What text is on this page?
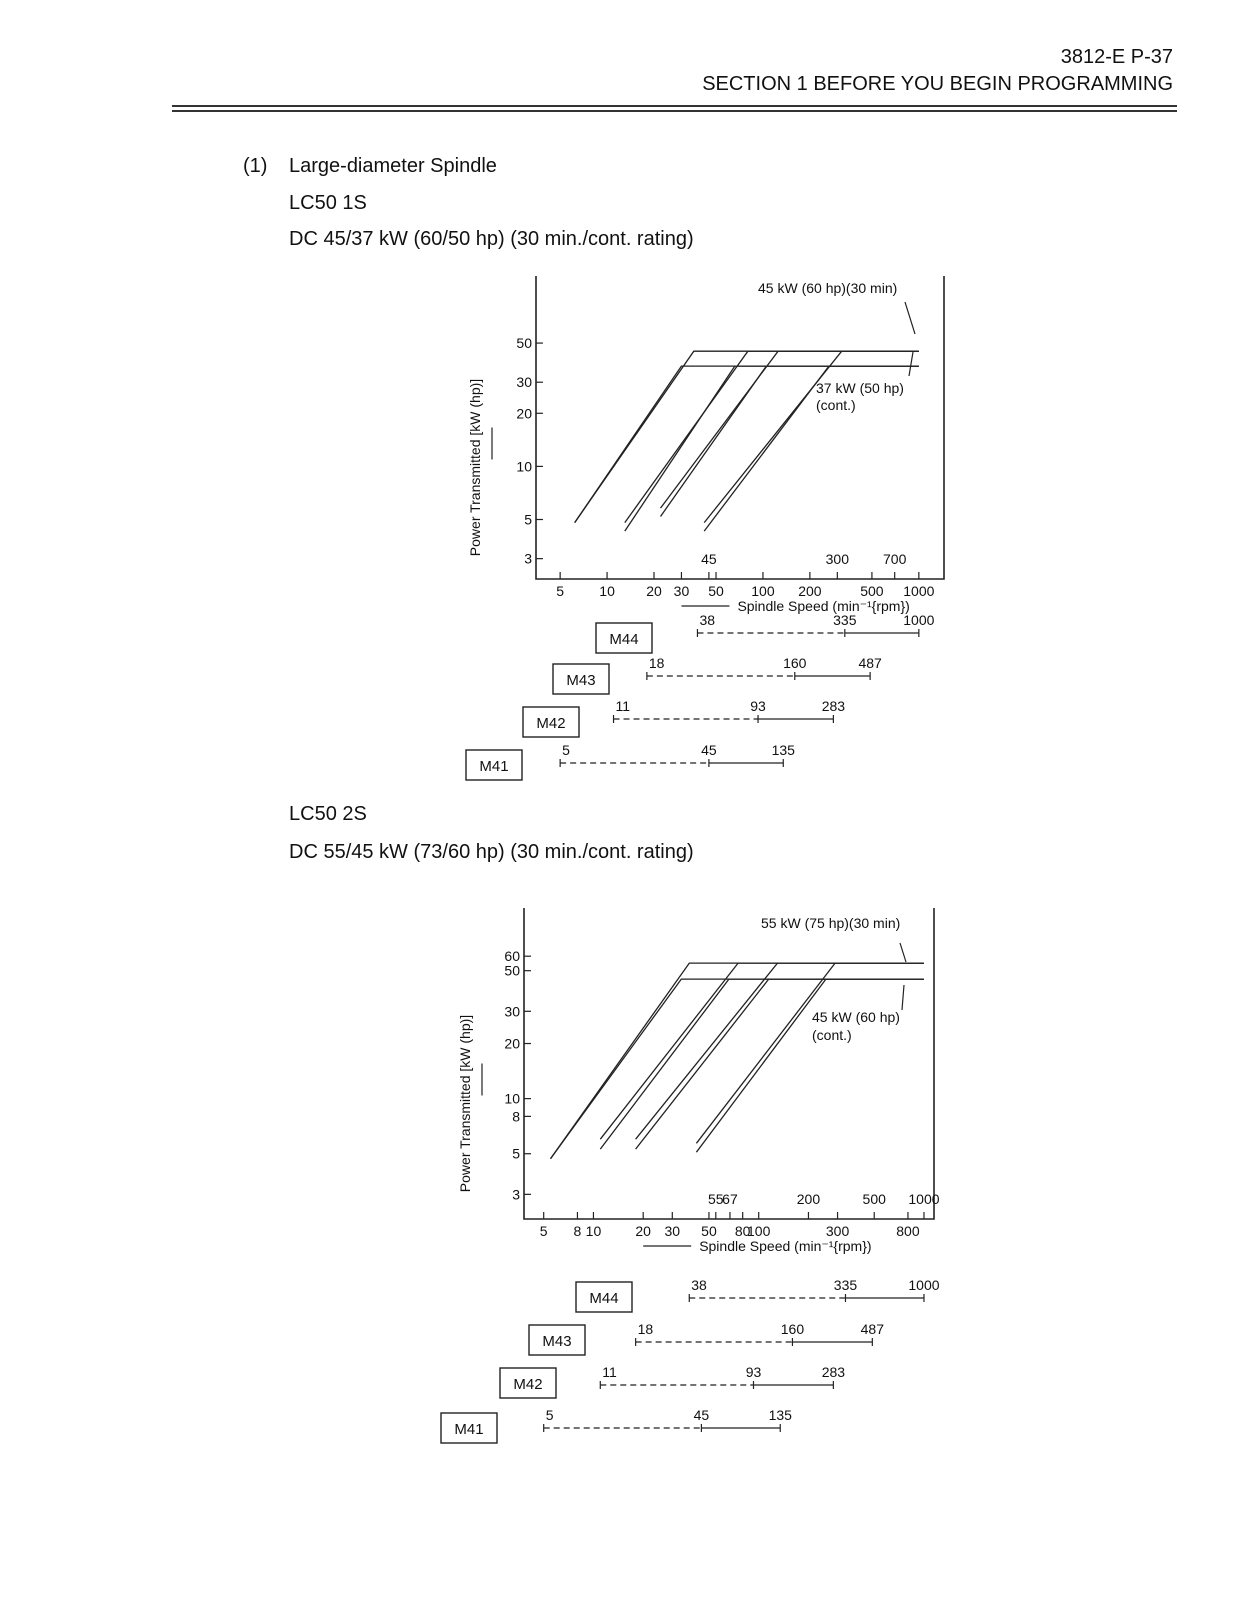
3812-E P-37
SECTION 1 BEFORE YOU BEGIN PROGRAMMING
(1) Large-diameter Spindle
LC50 1S
DC 45/37 kW (60/50 hp) (30 min./cont. rating)
LC50 2S
DC 55/45 kW (73/60 hp) (30 min./cont. rating)
3
5
10
20
30
50
Power Transmitted [kW (hp)]
45	300 700
5	10 20 30 50 100 200	500 1000
Spindle Speed (min⁻¹{rpm})
45 kW (60 hp)(30 min)
37 kW (50 hp)
(cont.)
M44
38	335	1000
M43
18	160	487
M42
11	93	283
M41
5	45	135
3
5
8
10
20
30
50
60
Power Transmitted [kW (hp)]
55
67	200	500 1000
5 8 10 20 30 50 80
100	300	800
Spindle Speed (min⁻¹{rpm})
55 kW (75 hp)(30 min)
45 kW (60 hp)
(cont.)
M44
38	335	1000
M43
18	160	487
M42
11	93	283
M41
5	45	135
